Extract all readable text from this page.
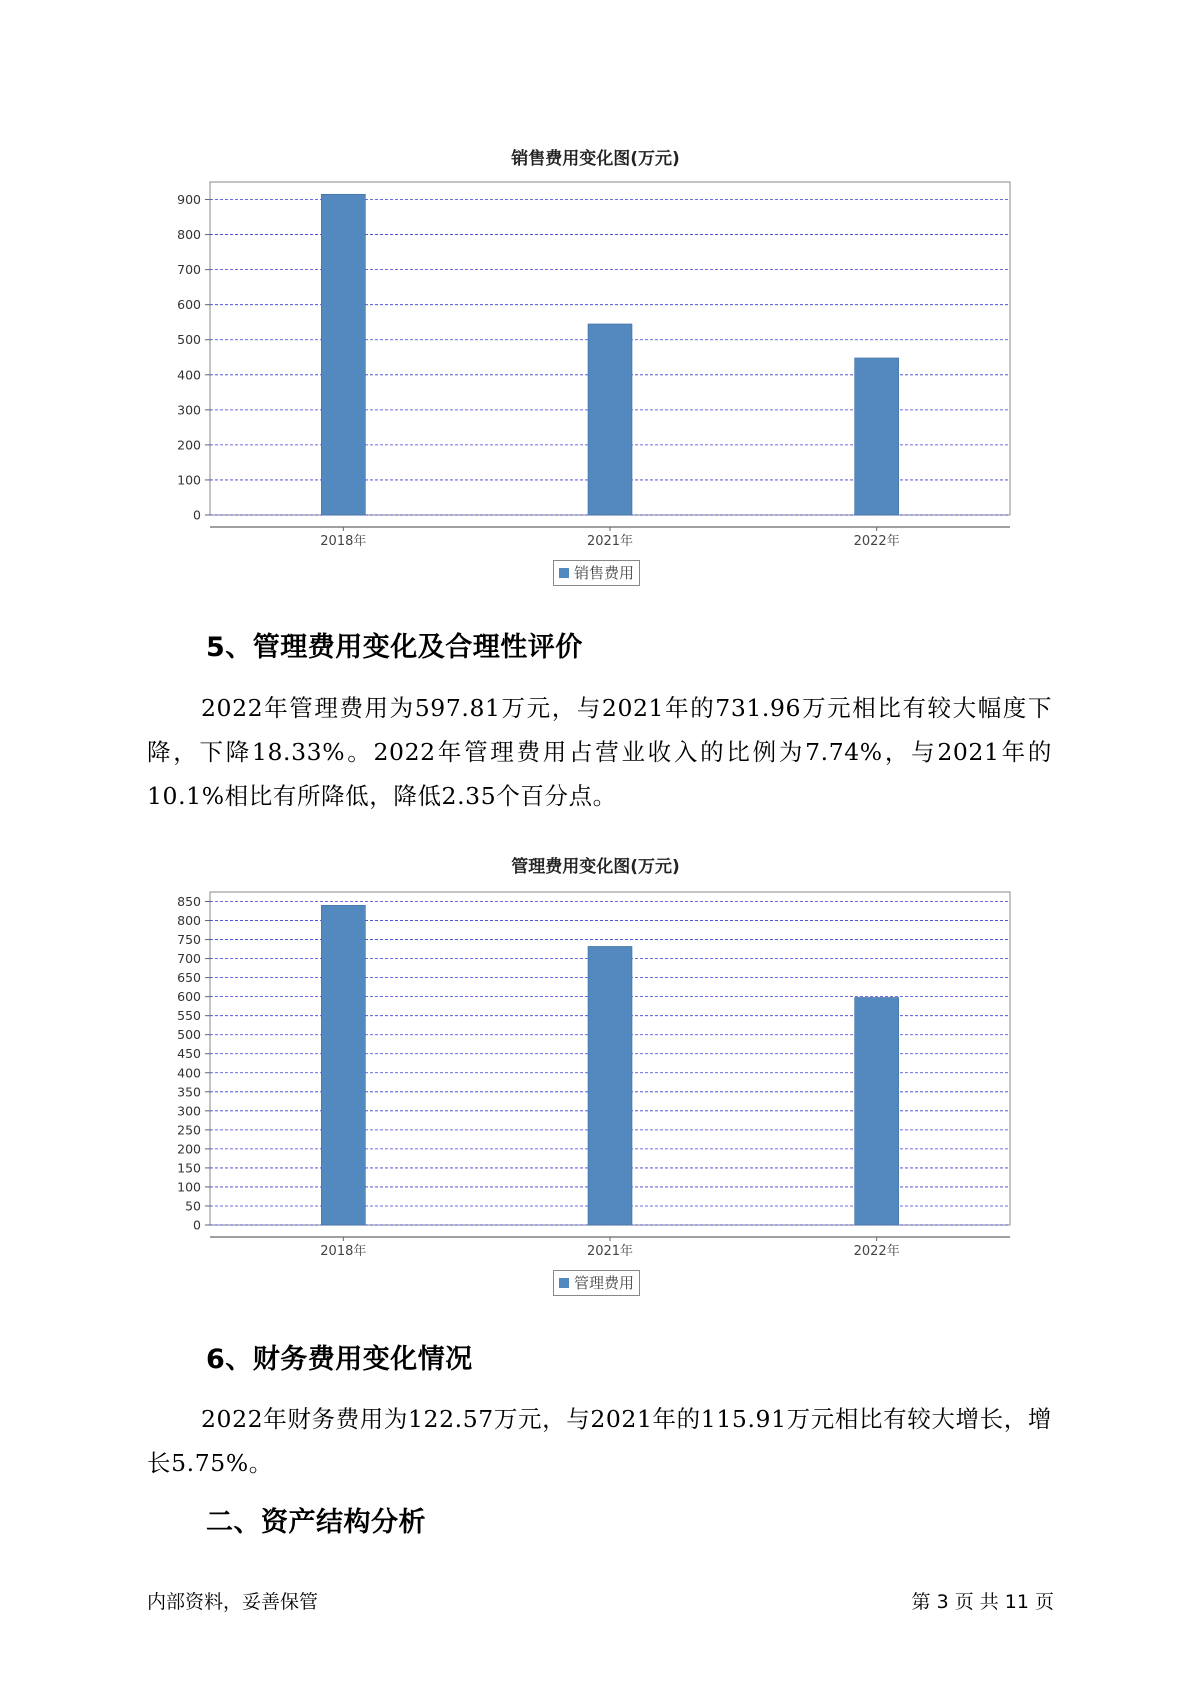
销售费用变化图(万元)
0
100
200
300
400
500
600
700
800
900
2018年	2021年	2022年
销售费用
5、管理费用变化及合理性评价

2022年管理费用为597.81万元，与2021年的731.96万元相比有较大幅度下降，下降18.33%。2022年管理费用占营业收入的比例为7.74%，与2021年的10.1%相比有所降低，降低2.35个百分点。

管理费用变化图(万元)
0
50
100
150
200
250
300
350
400
450
500
550
600
650
700
750
800
850
2018年	2021年	2022年
管理费用
6、财务费用变化情况

2022年财务费用为122.57万元，与2021年的115.91万元相比有较大增长，增长5.75%。

二、资产结构分析
内部资料，妥善保管	第 3 页 共 11 页
